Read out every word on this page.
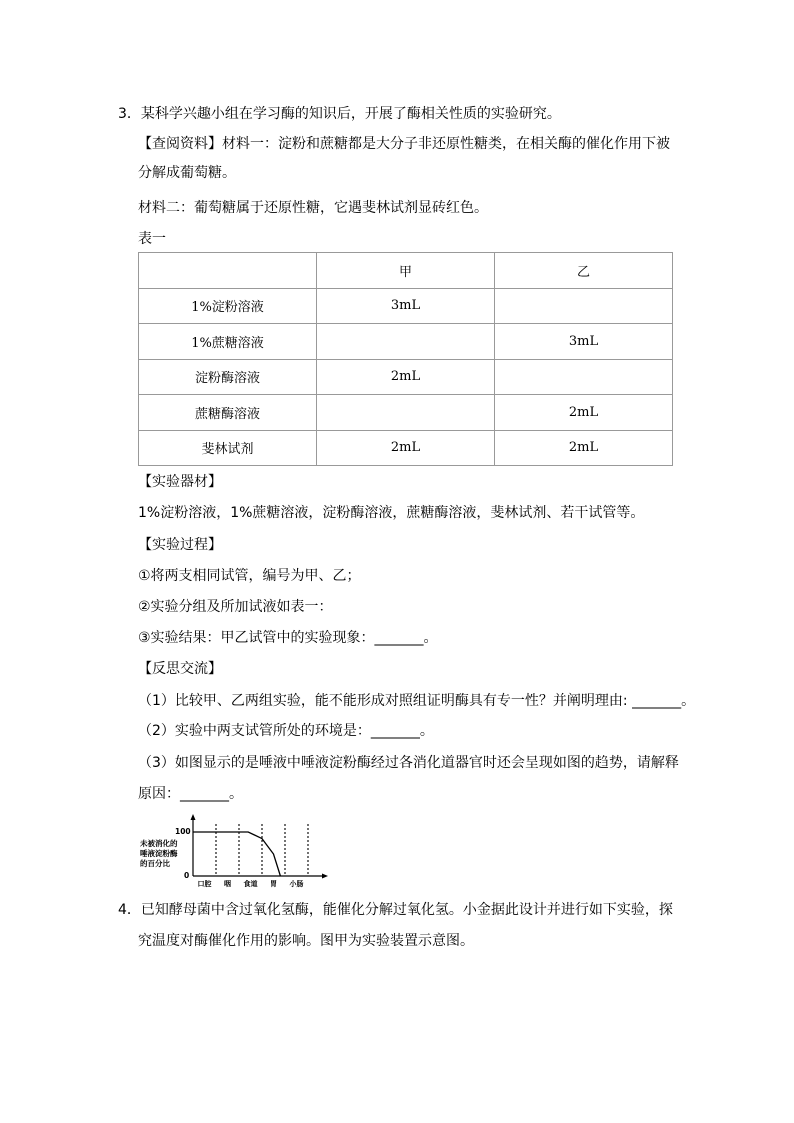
3．某科学兴趣小组在学习酶的知识后，开展了酶相关性质的实验研究。
【查阅资料】材料一：淀粉和蔗糖都是大分子非还原性糖类，在相关酶的催化作用下被
分解成葡萄糖。
材料二：葡萄糖属于还原性糖，它遇斐林试剂显砖红色。
表一
	甲	乙
1%淀粉溶液	3mL	
1%蔗糖溶液		3mL
淀粉酶溶液	2mL	
蔗糖酶溶液		2mL
斐林试剂	2mL	2mL
【实验器材】
1%淀粉溶液，1%蔗糖溶液，淀粉酶溶液，蔗糖酶溶液，斐林试剂、若干试管等。
【实验过程】
①将两支相同试管，编号为甲、乙；
②实验分组及所加试液如表一：
③实验结果：甲乙试管中的实验现象：_______。
【反思交流】
（1）比较甲、乙两组实验，能不能形成对照组证明酶具有专一性？并阐明理由: _______。
（2）实验中两支试管所处的环境是：_______。
（3）如图显示的是唾液中唾液淀粉酶经过各消化道器官时还会呈现如图的趋势，请解释
原因：_______。
未被消化的
唾液淀粉酶
的百分比
100
0
口腔 咽 食道 胃 小肠
4．已知酵母菌中含过氧化氢酶，能催化分解过氧化氢。小金据此设计并进行如下实验，探
究温度对酶催化作用的影响。图甲为实验装置示意图。
